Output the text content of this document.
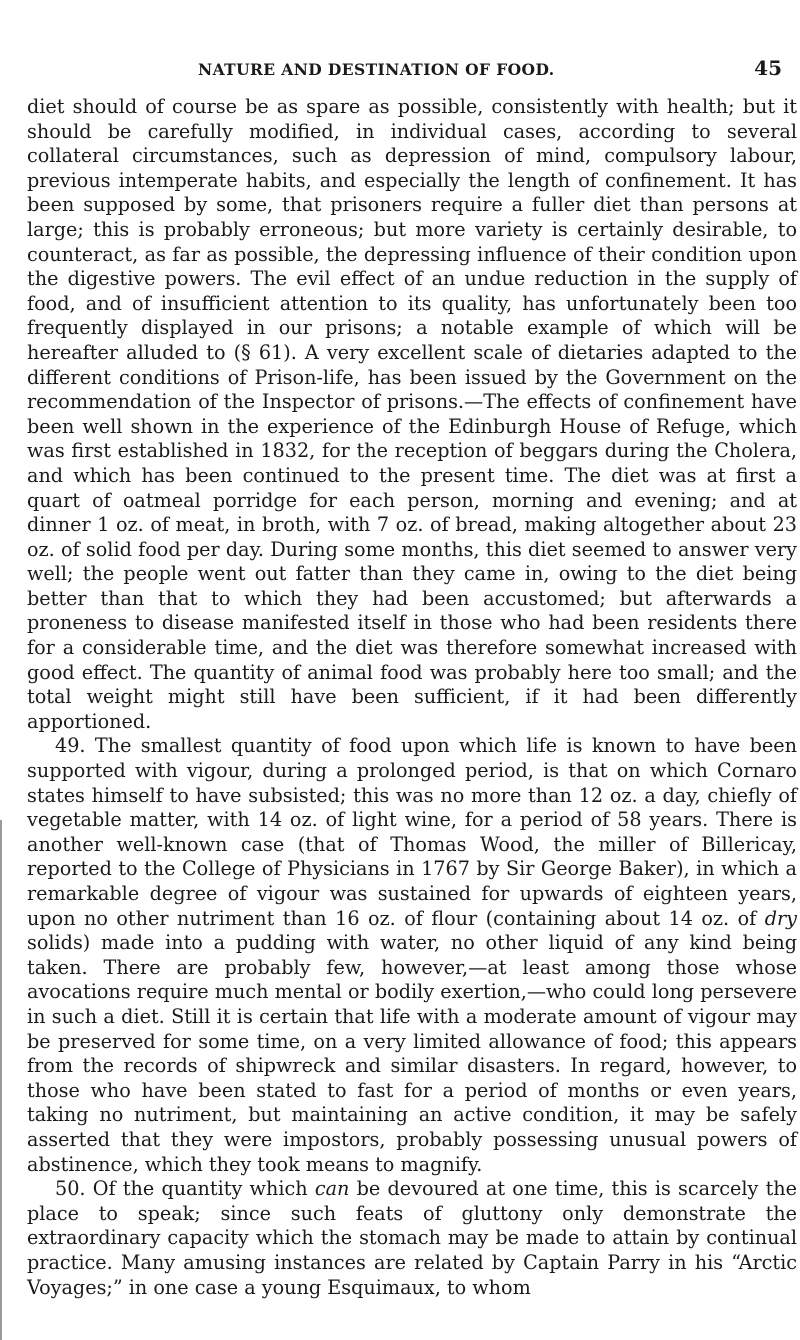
NATURE AND DESTINATION OF FOOD.	45

diet should of course be as spare as possible, consistently with health; but it should be carefully modified, in individual cases, according to several collateral circumstances, such as depression of mind, compulsory labour, previous intemperate habits, and especially the length of confinement. It has been supposed by some, that prisoners require a fuller diet than persons at large; this is probably erroneous; but more variety is certainly desirable, to counteract, as far as possible, the depressing influence of their condition upon the digestive powers. The evil effect of an undue reduction in the supply of food, and of insufficient attention to its quality, has unfortunately been too frequently displayed in our prisons; a notable example of which will be hereafter alluded to (§ 61). A very excellent scale of dietaries adapted to the different conditions of Prison-life, has been issued by the Government on the recommendation of the Inspector of prisons.—The effects of confinement have been well shown in the experience of the Edinburgh House of Refuge, which was first established in 1832, for the reception of beggars during the Cholera, and which has been continued to the present time. The diet was at first a quart of oatmeal porridge for each person, morning and evening; and at dinner 1 oz. of meat, in broth, with 7 oz. of bread, making altogether about 23 oz. of solid food per day. During some months, this diet seemed to answer very well; the people went out fatter than they came in, owing to the diet being better than that to which they had been accustomed; but afterwards a proneness to disease manifested itself in those who had been residents there for a considerable time, and the diet was therefore somewhat increased with good effect. The quantity of animal food was probably here too small; and the total weight might still have been sufficient, if it had been differently apportioned.

49. The smallest quantity of food upon which life is known to have been supported with vigour, during a prolonged period, is that on which Cornaro states himself to have subsisted; this was no more than 12 oz. a day, chiefly of vegetable matter, with 14 oz. of light wine, for a period of 58 years. There is another well-known case (that of Thomas Wood, the miller of Billericay, reported to the College of Physicians in 1767 by Sir George Baker), in which a remarkable degree of vigour was sustained for upwards of eighteen years, upon no other nutriment than 16 oz. of flour (containing about 14 oz. of dry solids) made into a pudding with water, no other liquid of any kind being taken. There are probably few, however,—at least among those whose avocations require much mental or bodily exertion,—who could long persevere in such a diet. Still it is certain that life with a moderate amount of vigour may be preserved for some time, on a very limited allowance of food; this appears from the records of shipwreck and similar disasters. In regard, however, to those who have been stated to fast for a period of months or even years, taking no nutriment, but maintaining an active condition, it may be safely asserted that they were impostors, probably possessing unusual powers of abstinence, which they took means to magnify.

50. Of the quantity which can be devoured at one time, this is scarcely the place to speak; since such feats of gluttony only demonstrate the extraordinary capacity which the stomach may be made to attain by continual practice. Many amusing instances are related by Captain Parry in his “Arctic Voyages;” in one case a young Esquimaux, to whom
